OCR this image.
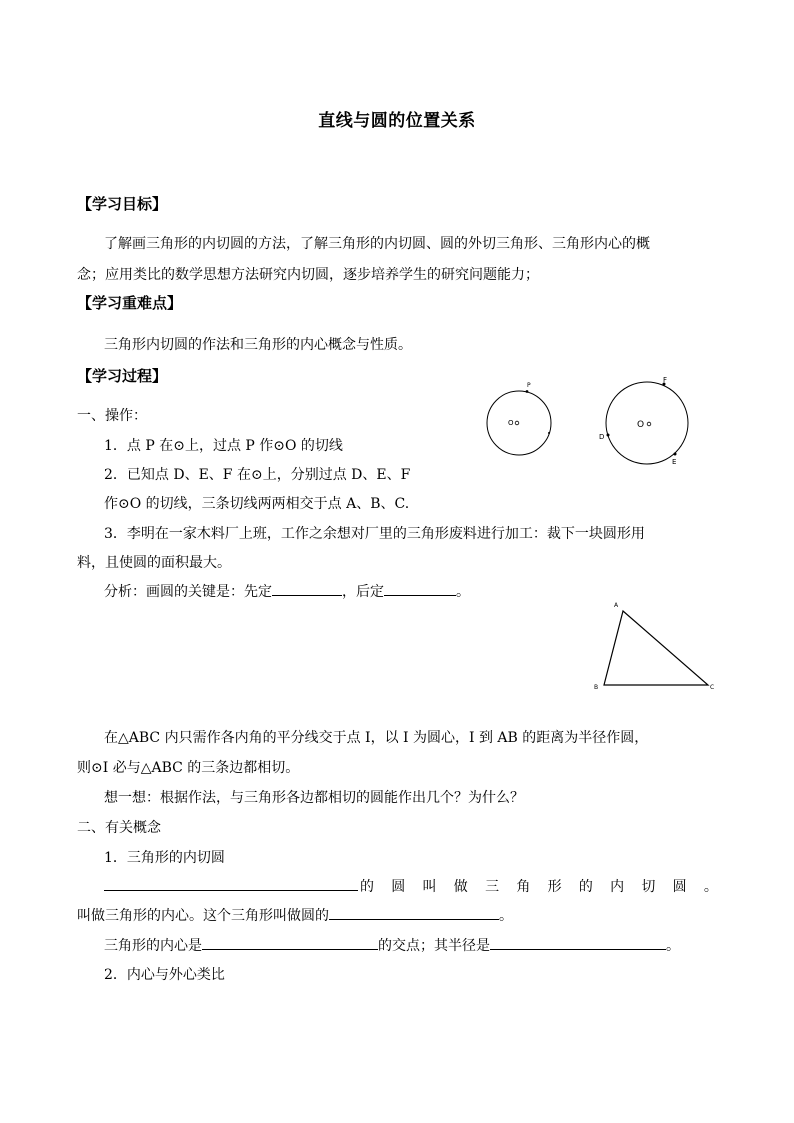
直线与圆的位置关系
【学习目标】
了解画三角形的内切圆的方法，了解三角形的内切圆、圆的外切三角形、三角形内心的概
念；应用类比的数学思想方法研究内切圆，逐步培养学生的研究问题能力；
【学习重难点】
三角形内切圆的作法和三角形的内心概念与性质。
【学习过程】
一、操作：
1．点 P 在⊙上，过点 P 作⊙O 的切线
2．已知点 D、E、F 在⊙上，分别过点 D、E、F
作⊙O 的切线，三条切线两两相交于点 A、B、C.
3．李明在一家木料厂上班，工作之余想对厂里的三角形废料进行加工：裁下一块圆形用
料，且使圆的面积最大。
分析：画圆的关键是：先定	，后定	。
在△ABC 内只需作各内角的平分线交于点 I，以 I 为圆心，I 到 AB 的距离为半径作圆，
则⊙I 必与△ABC 的三条边都相切。
想一想：根据作法，与三角形各边都相切的圆能作出几个？为什么？
二、有关概念
1．三角形的内切圆
的 圆 叫 做 三 角 形 的 内 切 圆 。
叫做三角形的内心。这个三角形叫做圆的	。
三角形的内心是	的交点；其半径是	。
2．内心与外心类比
P
O
F
D
E
O
A
B	C
